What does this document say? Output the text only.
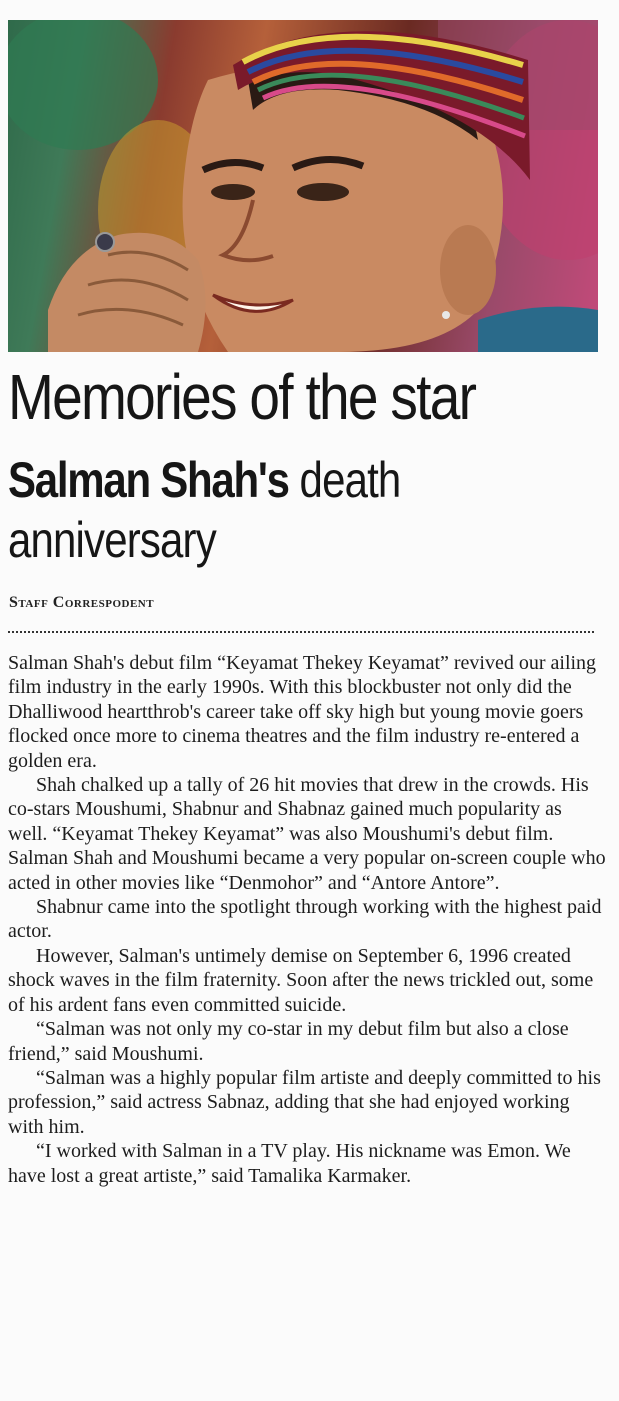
Memories of the star
Salman Shah's death anniversary
Staff Correspodent

Salman Shah's debut film “Keyamat Thekey Keyamat” revived our ailing film industry in the early 1990s. With this blockbuster not only did the Dhalliwood heartthrob's career take off sky high but young movie goers flocked once more to cinema theatres and the film industry re-entered a golden era.

Shah chalked up a tally of 26 hit movies that drew in the crowds. His co-stars Moushumi, Shabnur and Shabnaz gained much popularity as well. “Keyamat Thekey Keyamat” was also Moushumi's debut film. Salman Shah and Moushumi became a very popular on-screen couple who acted in other movies like “Denmohor” and “Antore Antore”.

Shabnur came into the spotlight through working with the highest paid actor.

However, Salman's untimely demise on September 6, 1996 created shock waves in the film fraternity. Soon after the news trickled out, some of his ardent fans even committed suicide.

“Salman was not only my co-star in my debut film but also a close friend,” said Moushumi.

“Salman was a highly popular film artiste and deeply committed to his profession,” said actress Sabnaz, adding that she had enjoyed working with him.

“I worked with Salman in a TV play. His nickname was Emon. We have lost a great artiste,” said Tamalika Karmaker.
